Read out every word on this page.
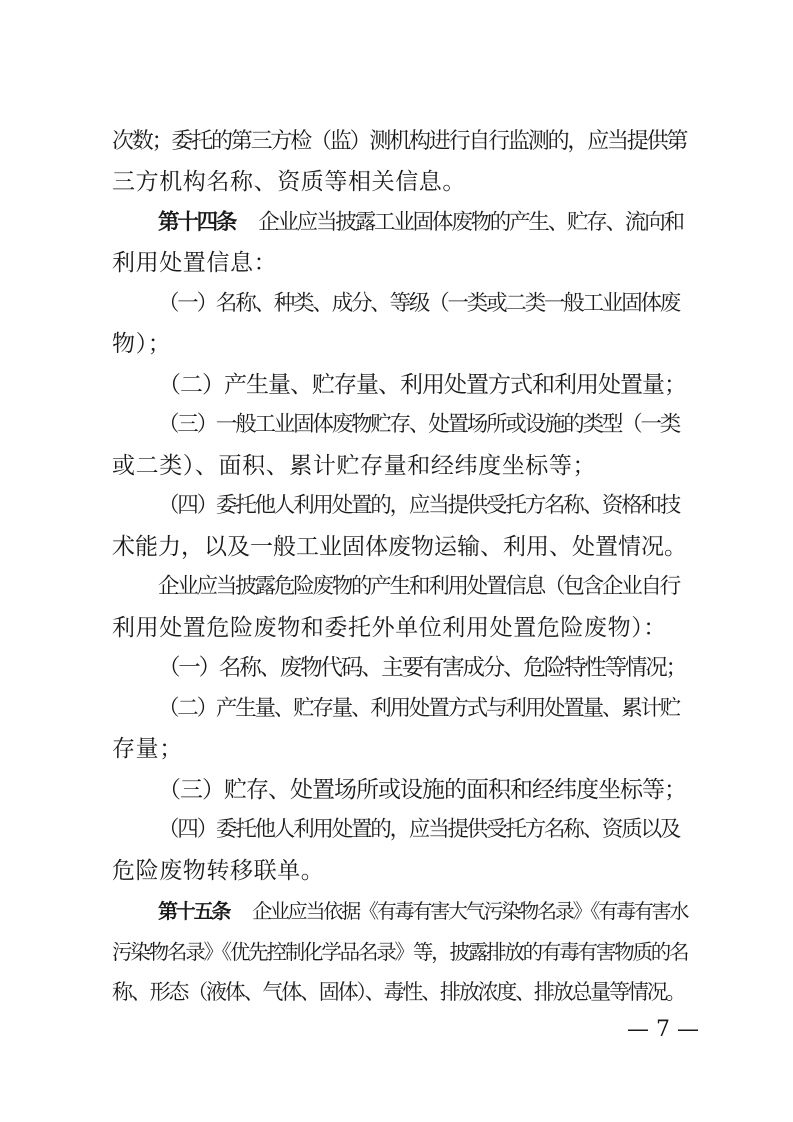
次数；委托的第三方检（监）测机构进行自行监测的，应当提供第
三方机构名称、资质等相关信息。
第十四条 企业应当披露工业固体废物的产生、贮存、流向和
利用处置信息：
（一）名称、种类、成分、等级（一类或二类一般工业固体废
物）；
（二）产生量、贮存量、利用处置方式和利用处置量；
（三）一般工业固体废物贮存、处置场所或设施的类型（一类
或二类）、面积、累计贮存量和经纬度坐标等；
（四）委托他人利用处置的，应当提供受托方名称、资格和技
术能力，以及一般工业固体废物运输、利用、处置情况。
企业应当披露危险废物的产生和利用处置信息（包含企业自行
利用处置危险废物和委托外单位利用处置危险废物）：
（一）名称、废物代码、主要有害成分、危险特性等情况；
（二）产生量、贮存量、利用处置方式与利用处置量、累计贮
存量；
（三）贮存、处置场所或设施的面积和经纬度坐标等；
（四）委托他人利用处置的，应当提供受托方名称、资质以及
危险废物转移联单。
第十五条 企业应当依据《有毒有害大气污染物名录》《有毒有害水
污染物名录》《优先控制化学品名录》等，披露排放的有毒有害物质的名
称、形态（液体、气体、固体）、毒性、排放浓度、排放总量等情况。
— 7 —
